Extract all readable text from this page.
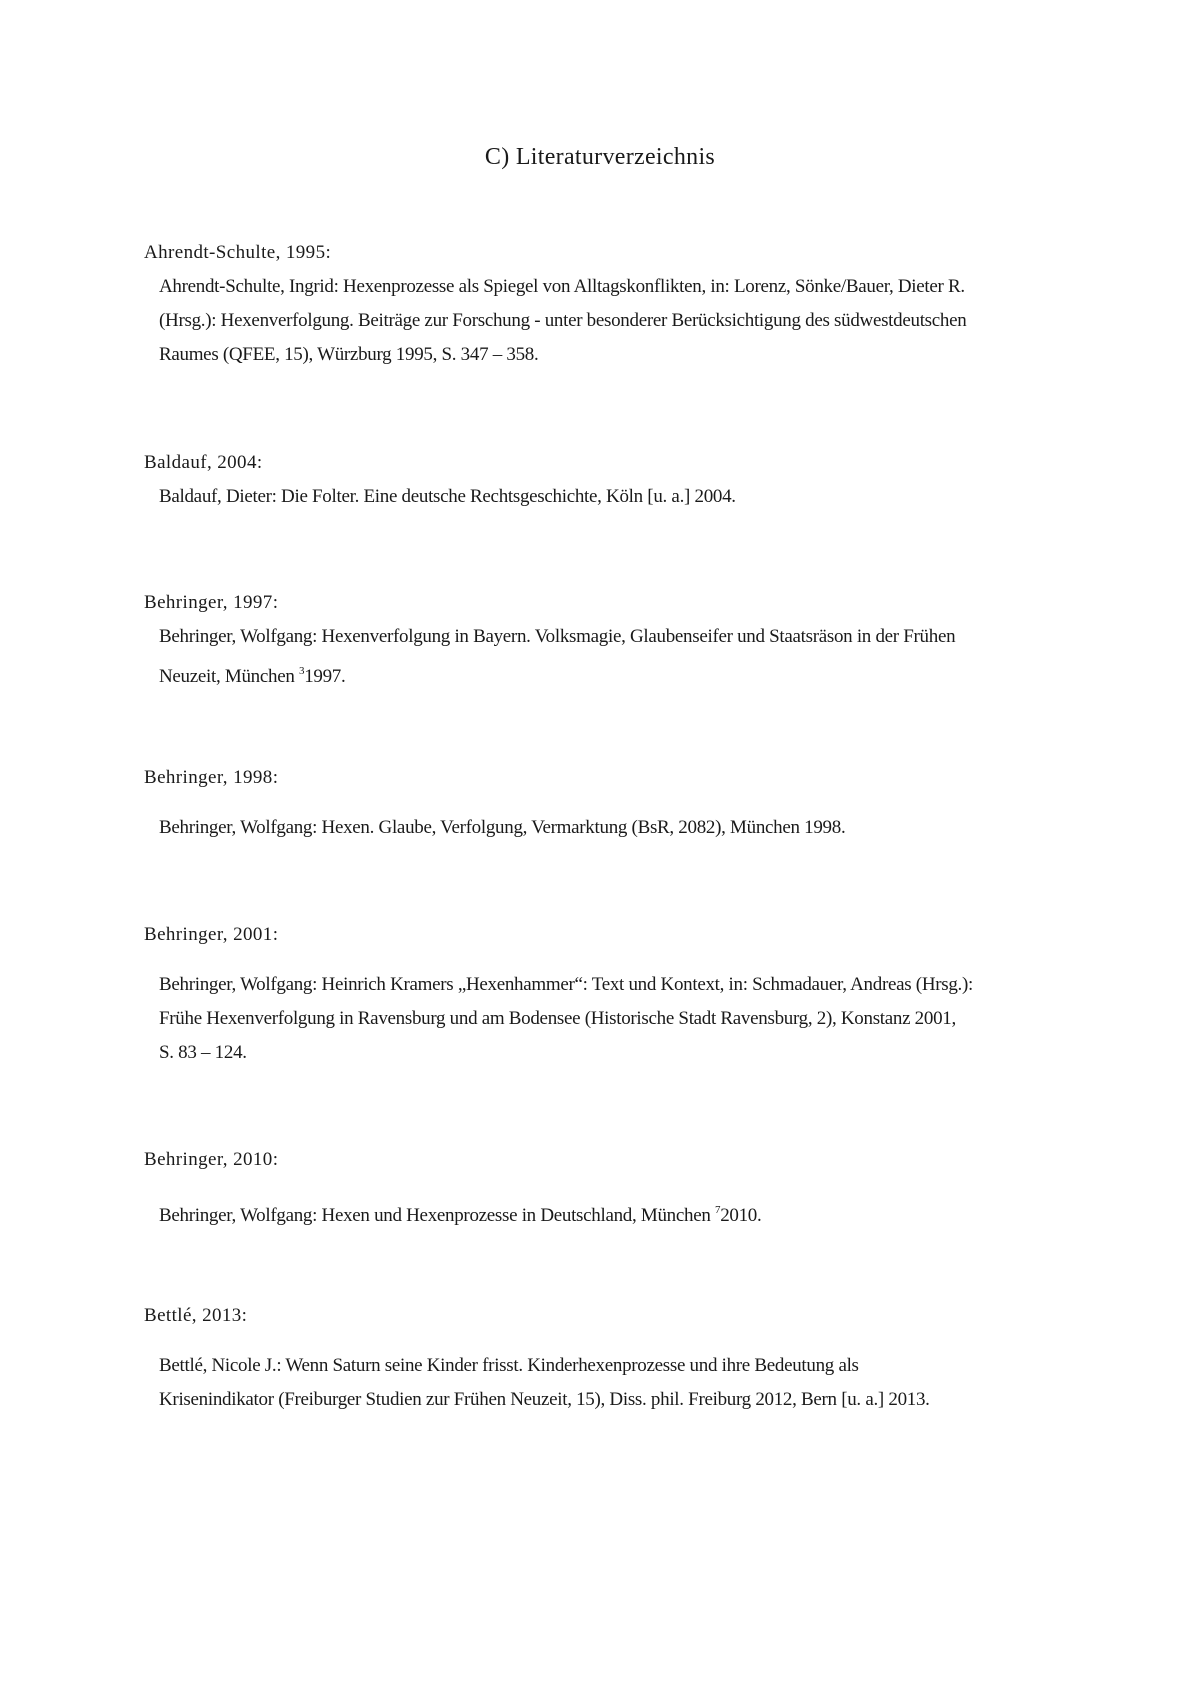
C) Literaturverzeichnis
Ahrendt-Schulte, 1995:
Ahrendt-Schulte, Ingrid: Hexenprozesse als Spiegel von Alltagskonflikten, in: Lorenz, Sönke/Bauer, Dieter R.
(Hrsg.): Hexenverfolgung. Beiträge zur Forschung - unter besonderer Berücksichtigung des südwestdeutschen
Raumes (QFEE, 15), Würzburg 1995, S. 347 – 358.
Baldauf, 2004:
Baldauf, Dieter: Die Folter. Eine deutsche Rechtsgeschichte, Köln [u. a.] 2004.
Behringer, 1997:
Behringer, Wolfgang: Hexenverfolgung in Bayern. Volksmagie, Glaubenseifer und Staatsräson in der Frühen
Neuzeit, München $^3$1997.
Behringer, 1998:
Behringer, Wolfgang: Hexen. Glaube, Verfolgung, Vermarktung (BsR, 2082), München 1998.
Behringer, 2001:
Behringer, Wolfgang: Heinrich Kramers „Hexenhammer“: Text und Kontext, in: Schmadauer, Andreas (Hrsg.):
Frühe Hexenverfolgung in Ravensburg und am Bodensee (Historische Stadt Ravensburg, 2), Konstanz 2001,
S. 83 – 124.
Behringer, 2010:
Behringer, Wolfgang: Hexen und Hexenprozesse in Deutschland, München $^7$2010.
Bettlé, 2013:
Bettlé, Nicole J.: Wenn Saturn seine Kinder frisst. Kinderhexenprozesse und ihre Bedeutung als
Krisenindikator (Freiburger Studien zur Frühen Neuzeit, 15), Diss. phil. Freiburg 2012, Bern [u. a.] 2013.
